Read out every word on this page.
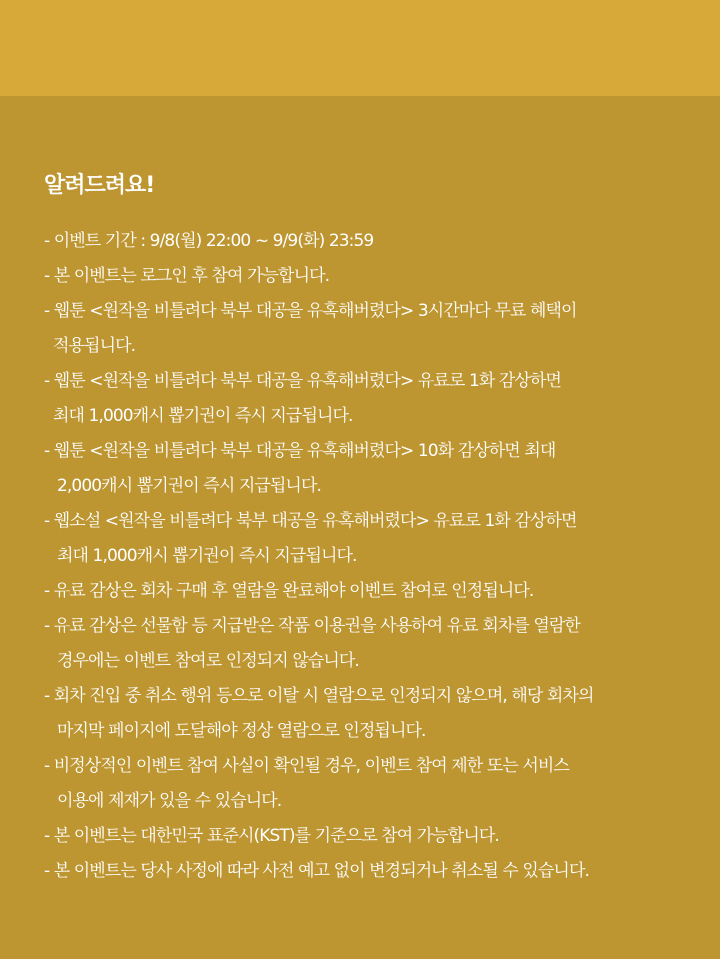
알려드려요!
- 이벤트 기간 : 9/8(월) 22:00 ~ 9/9(화) 23:59
- 본 이벤트는 로그인 후 참여 가능합니다.
- 웹툰 <원작을 비틀려다 북부 대공을 유혹해버렸다> 3시간마다 무료 혜택이
적용됩니다.
- 웹툰 <원작을 비틀려다 북부 대공을 유혹해버렸다> 유료로 1화 감상하면
최대 1,000캐시 뽑기권이 즉시 지급됩니다.
- 웹툰 <원작을 비틀려다 북부 대공을 유혹해버렸다> 10화 감상하면 최대
2,000캐시 뽑기권이 즉시 지급됩니다.
- 웹소설 <원작을 비틀려다 북부 대공을 유혹해버렸다> 유료로 1화 감상하면
최대 1,000캐시 뽑기권이 즉시 지급됩니다.
- 유료 감상은 회차 구매 후 열람을 완료해야 이벤트 참여로 인정됩니다.
- 유료 감상은 선물함 등 지급받은 작품 이용권을 사용하여 유료 회차를 열람한
경우에는 이벤트 참여로 인정되지 않습니다.
- 회차 진입 중 취소 행위 등으로 이탈 시 열람으로 인정되지 않으며, 해당 회차의
마지막 페이지에 도달해야 정상 열람으로 인정됩니다.
- 비정상적인 이벤트 참여 사실이 확인될 경우, 이벤트 참여 제한 또는 서비스
이용에 제재가 있을 수 있습니다.
- 본 이벤트는 대한민국 표준시(KST)를 기준으로 참여 가능합니다.
- 본 이벤트는 당사 사정에 따라 사전 예고 없이 변경되거나 취소될 수 있습니다.
